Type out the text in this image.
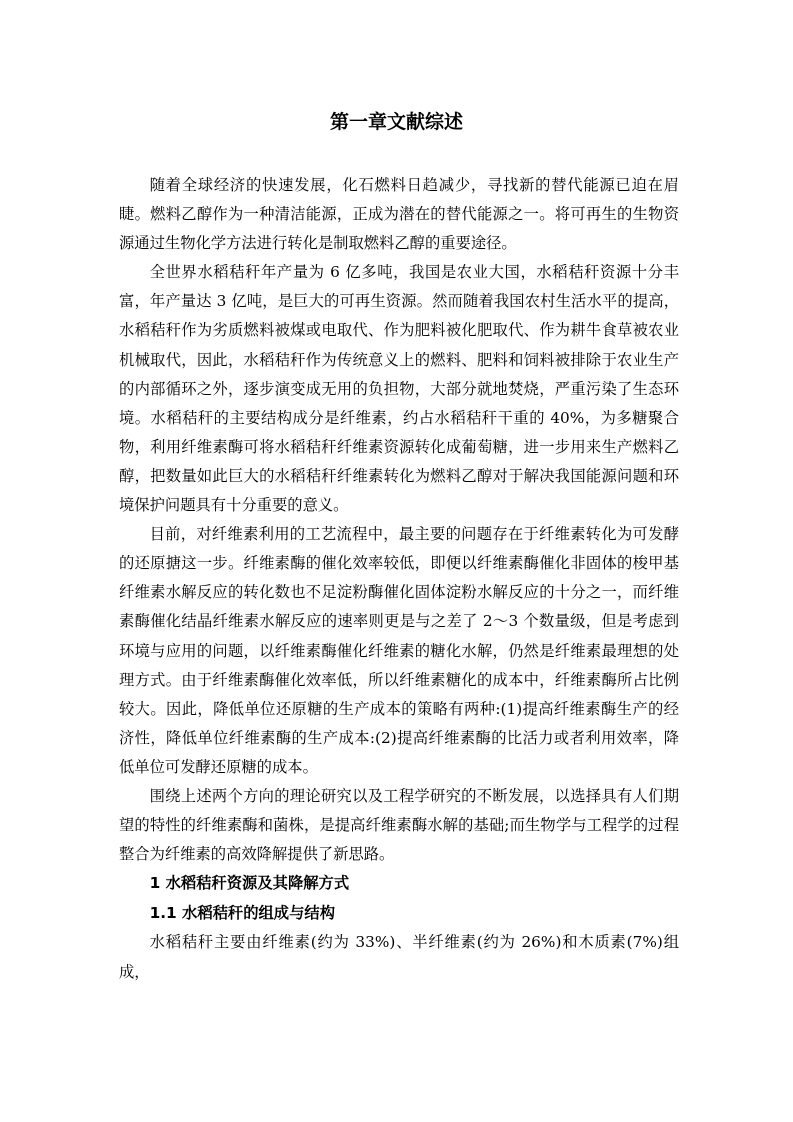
第一章文献综述

随着全球经济的快速发展，化石燃料日趋减少，寻找新的替代能源已迫在眉睫。燃料乙醇作为一种清洁能源，正成为潜在的替代能源之一。将可再生的生物资源通过生物化学方法进行转化是制取燃料乙醇的重要途径。

全世界水稻秸秆年产量为 6 亿多吨，我国是农业大国，水稻秸秆资源十分丰富，年产量达 3 亿吨，是巨大的可再生资源。然而随着我国农村生活水平的提高，水稻秸秆作为劣质燃料被煤或电取代、作为肥料被化肥取代、作为耕牛食草被农业机械取代，因此，水稻秸秆作为传统意义上的燃料、肥料和饲料被排除于农业生产的内部循环之外，逐步演变成无用的负担物，大部分就地焚烧，严重污染了生态环境。水稻秸秆的主要结构成分是纤维素，约占水稻秸秆干重的 40%，为多糖聚合物，利用纤维素酶可将水稻秸秆纤维素资源转化成葡萄糖，进一步用来生产燃料乙醇，把数量如此巨大的水稻秸秆纤维素转化为燃料乙醇对于解决我国能源问题和环境保护问题具有十分重要的意义。

目前，对纤维素利用的工艺流程中，最主要的问题存在于纤维素转化为可发酵的还原搪这一步。纤维素酶的催化效率较低，即便以纤维素酶催化非固体的梭甲基纤维素水解反应的转化数也不足淀粉酶催化固体淀粉水解反应的十分之一，而纤维素酶催化结晶纤维素水解反应的速率则更是与之差了 2～3 个数量级，但是考虑到环境与应用的问题，以纤维素酶催化纤维素的糖化水解，仍然是纤维素最理想的处理方式。由于纤维素酶催化效率低，所以纤维素糖化的成本中，纤维素酶所占比例较大。因此，降低单位还原糖的生产成本的策略有两种:(1)提高纤维素酶生产的经济性，降低单位纤维素酶的生产成本:(2)提高纤维素酶的比活力或者利用效率，降低单位可发酵还原糖的成本。

围绕上述两个方向的理论研究以及工程学研究的不断发展，以选择具有人们期望的特性的纤维素酶和菌株，是提高纤维素酶水解的基础;而生物学与工程学的过程整合为纤维素的高效降解提供了新思路。

1 水稻秸秆资源及其降解方式
1.1 水稻秸秆的组成与结构

水稻秸秆主要由纤维素(约为 33%)、半纤维素(约为 26%)和木质素(7%)组成，
